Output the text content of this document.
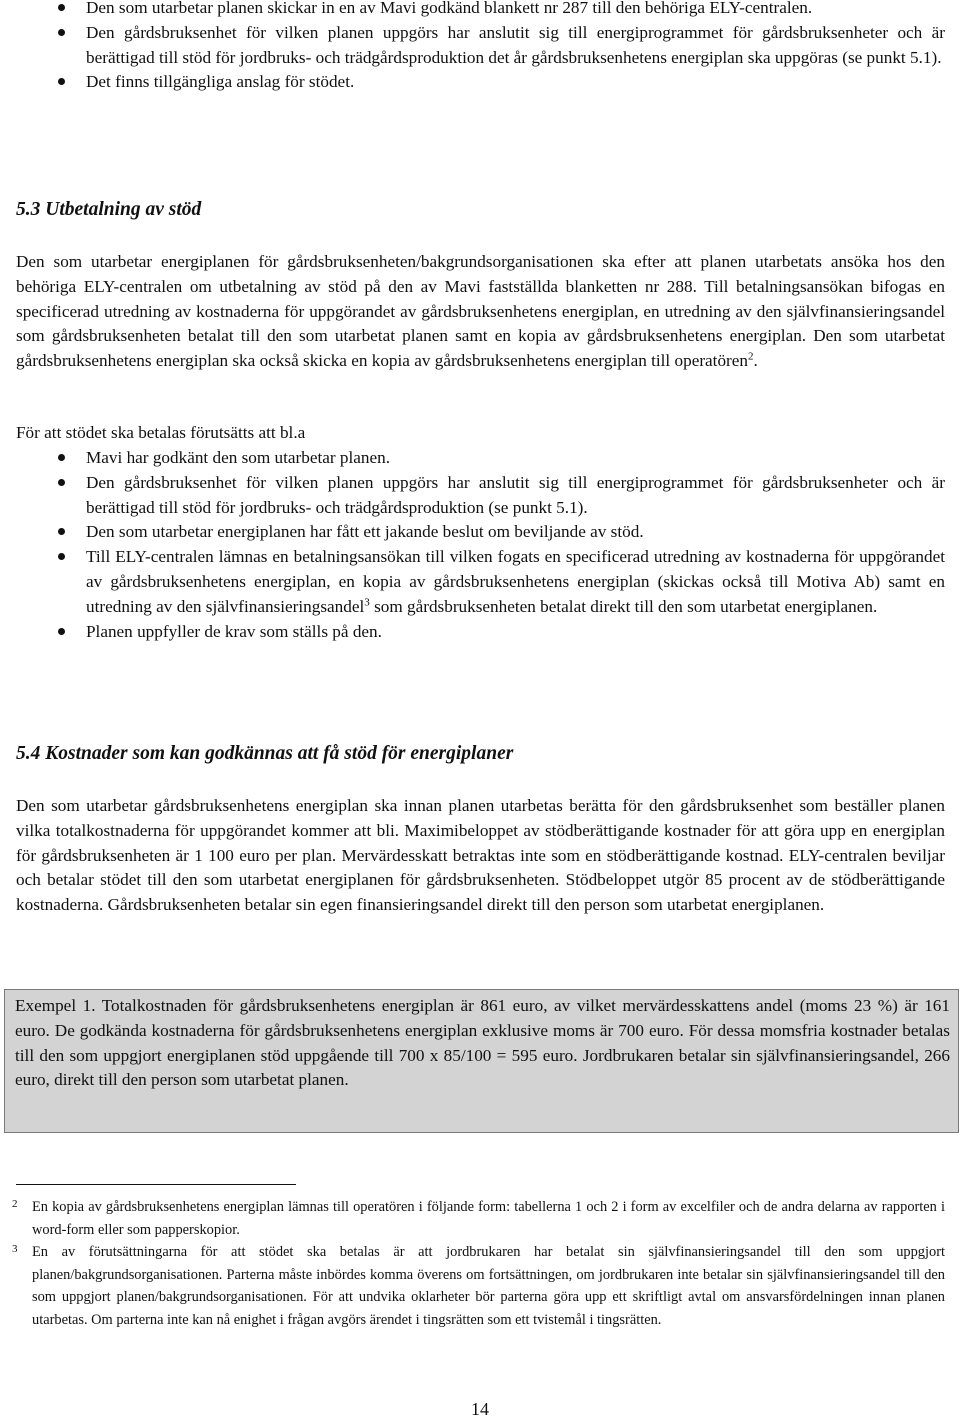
Den som utarbetar planen skickar in en av Mavi godkänd blankett nr 287 till den behöriga ELY-centralen.
Den gårdsbruksenhet för vilken planen uppgörs har anslutit sig till energiprogrammet för gårdsbruksenheter och är berättigad till stöd för jordbruks- och trädgårdsproduktion det år gårdsbruksenhetens energiplan ska uppgöras (se punkt 5.1).
Det finns tillgängliga anslag för stödet.
5.3 Utbetalning av stöd
Den som utarbetar energiplanen för gårdsbruksenheten/bakgrundsorganisationen ska efter att planen utarbetats ansöka hos den behöriga ELY-centralen om utbetalning av stöd på den av Mavi fastställda blanketten nr 288. Till betalningsansökan bifogas en specificerad utredning av kostnaderna för uppgörandet av gårdsbruksenhetens energiplan, en utredning av den självfinansieringsandel som gårdsbruksenheten betalat till den som utarbetat planen samt en kopia av gårdsbruksenhetens energiplan. Den som utarbetat gårdsbruksenhetens energiplan ska också skicka en kopia av gårdsbruksenhetens energiplan till operatören$^2$.
För att stödet ska betalas förutsätts att bl.a
Mavi har godkänt den som utarbetar planen.
Den gårdsbruksenhet för vilken planen uppgörs har anslutit sig till energiprogrammet för gårdsbruksenheter och är berättigad till stöd för jordbruks- och trädgårdsproduktion (se punkt 5.1).
Den som utarbetar energiplanen har fått ett jakande beslut om beviljande av stöd.
Till ELY-centralen lämnas en betalningsansökan till vilken fogats en specificerad utredning av kostnaderna för uppgörandet av gårdsbruksenhetens energiplan, en kopia av gårdsbruksenhetens energiplan (skickas också till Motiva Ab) samt en utredning av den självfinansieringsandel$^3$ som gårdsbruksenheten betalat direkt till den som utarbetat energiplanen.
Planen uppfyller de krav som ställs på den.
5.4 Kostnader som kan godkännas att få stöd för energiplaner
Den som utarbetar gårdsbruksenhetens energiplan ska innan planen utarbetas berätta för den gårdsbruksenhet som beställer planen vilka totalkostnaderna för uppgörandet kommer att bli. Maximibeloppet av stödberättigande kostnader för att göra upp en energiplan för gårdsbruksenheten är 1 100 euro per plan. Mervärdesskatt betraktas inte som en stödberättigande kostnad. ELY-centralen beviljar och betalar stödet till den som utarbetat energiplanen för gårdsbruksenheten. Stödbeloppet utgör 85 procent av de stödberättigande kostnaderna. Gårdsbruksenheten betalar sin egen finansieringsandel direkt till den person som utarbetat energiplanen.
Exempel 1. Totalkostnaden för gårdsbruksenhetens energiplan är 861 euro, av vilket mervärdesskattens andel (moms 23 %) är 161 euro. De godkända kostnaderna för gårdsbruksenhetens energiplan exklusive moms är 700 euro. För dessa momsfria kostnader betalas till den som uppgjort energiplanen stöd uppgående till 700 x 85/100 = 595 euro. Jordbrukaren betalar sin självfinansieringsandel, 266 euro, direkt till den person som utarbetat planen.
2 En kopia av gårdsbruksenhetens energiplan lämnas till operatören i följande form: tabellerna 1 och 2 i form av excelfiler och de andra delarna av rapporten i word-form eller som papperskopior.
3 En av förutsättningarna för att stödet ska betalas är att jordbrukaren har betalat sin självfinansieringsandel till den som uppgjort planen/bakgrundsorganisationen. Parterna måste inbördes komma överens om fortsättningen, om jordbrukaren inte betalar sin självfinansieringsandel till den som uppgjort planen/bakgrundsorganisationen. För att undvika oklarheter bör parterna göra upp ett skriftligt avtal om ansvarsfördelningen innan planen utarbetas. Om parterna inte kan nå enighet i frågan avgörs ärendet i tingsrätten som ett tvistemål i tingsrätten.
14
